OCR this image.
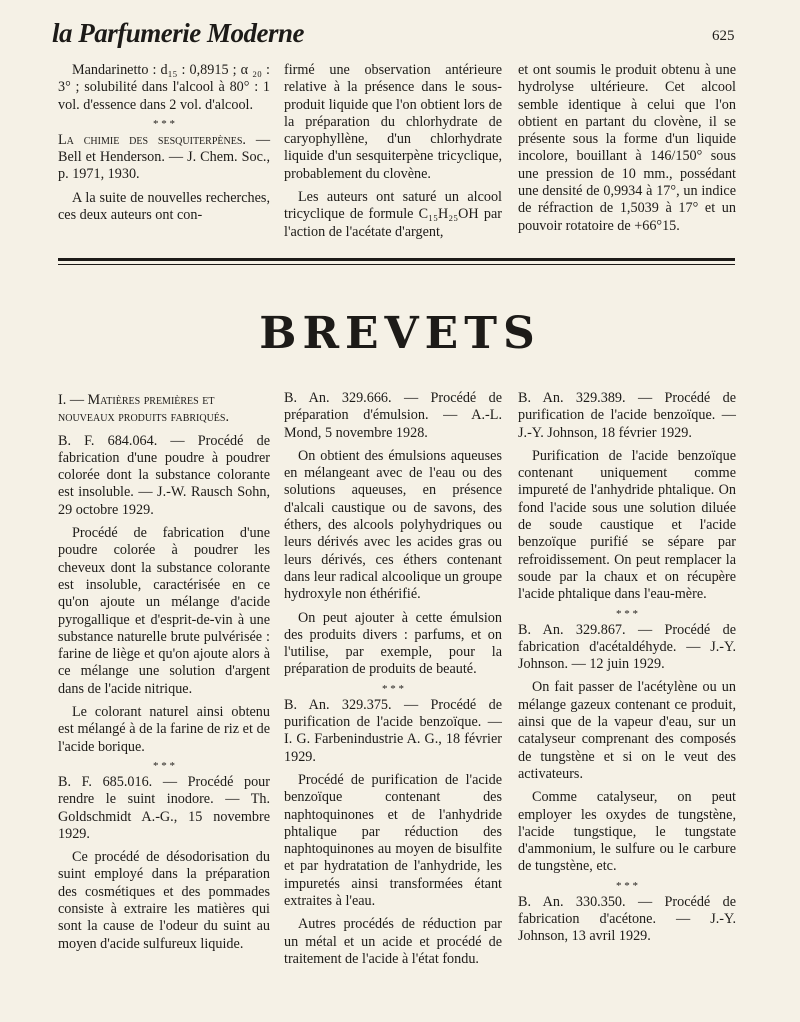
la Parfumerie Moderne	625

Mandarinetto : d₁₅ : 0,8915 ; α ₂₀ : 3° ; solubilité dans l'alcool à 80° : 1 vol. d'essence dans 2 vol. d'alcool.

* * *

La chimie des sesquiterpènes. — Bell et Henderson. — J. Chem. Soc., p. 1971, 1930.

A la suite de nouvelles recherches, ces deux auteurs ont con-

firmé une observation antérieure relative à la présence dans le sous-produit liquide que l'on obtient lors de la préparation du chlorhydrate de caryophyllène, d'un chlorhydrate liquide d'un sesquiterpène tricyclique, probablement du clovène.

Les auteurs ont saturé un alcool tricyclique de formule C₁₅H₂₅OH par l'action de l'acétate d'argent,

et ont soumis le produit obtenu à une hydrolyse ultérieure. Cet alcool semble identique à celui que l'on obtient en partant du clovène, il se présente sous la forme d'un liquide incolore, bouillant à 146/150° sous une pression de 10 mm., possédant une densité de 0,9934 à 17°, un indice de réfraction de 1,5039 à 17° et un pouvoir rotatoire de +66°15.

BREVETS

I. — Matières premières et nouveaux produits fabriqués.

B. F. 684.064. — Procédé de fabrication d'une poudre à poudrer colorée dont la substance colorante est insoluble. — J.-W. Rausch Sohn, 29 octobre 1929.

Procédé de fabrication d'une poudre colorée à poudrer les cheveux dont la substance colorante est insoluble, caractérisée en ce qu'on ajoute un mélange d'acide pyrogallique et d'esprit-de-vin à une substance naturelle brute pulvérisée : farine de liège et qu'on ajoute alors à ce mélange une solution d'argent dans de l'acide nitrique.

Le colorant naturel ainsi obtenu est mélangé à de la farine de riz et de l'acide borique.

* * *

B. F. 685.016. — Procédé pour rendre le suint inodore. — Th. Goldschmidt A.-G., 15 novembre 1929.

Ce procédé de désodorisation du suint employé dans la préparation des cosmétiques et des pommades consiste à extraire les matières qui sont la cause de l'odeur du suint au moyen d'acide sulfureux liquide.

B. An. 329.666. — Procédé de préparation d'émulsion. — A.-L. Mond, 5 novembre 1928.

On obtient des émulsions aqueuses en mélangeant avec de l'eau ou des solutions aqueuses, en présence d'alcali caustique ou de savons, des éthers, des alcools polyhydriques ou leurs dérivés avec les acides gras ou leurs dérivés, ces éthers contenant dans leur radical alcoolique un groupe hydroxyle non éthérifié.

On peut ajouter à cette émulsion des produits divers : parfums, et on l'utilise, par exemple, pour la préparation de produits de beauté.

* * *

B. An. 329.375. — Procédé de purification de l'acide benzoïque. — I. G. Farbenindustrie A. G., 18 février 1929.

Procédé de purification de l'acide benzoïque contenant des naphtoquinones et de l'anhydride phtalique par réduction des naphtoquinones au moyen de bisulfite et par hydratation de l'anhydride, les impuretés ainsi transformées étant extraites à l'eau.

Autres procédés de réduction par un métal et un acide et procédé de traitement de l'acide à l'état fondu.

B. An. 329.389. — Procédé de purification de l'acide benzoïque. — J.-Y. Johnson, 18 février 1929.

Purification de l'acide benzoïque contenant uniquement comme impureté de l'anhydride phtalique. On fond l'acide sous une solution diluée de soude caustique et l'acide benzoïque purifié se sépare par refroidissement. On peut remplacer la soude par la chaux et on récupère l'acide phtalique dans l'eau-mère.

* * *

B. An. 329.867. — Procédé de fabrication d'acétaldéhyde. — J.-Y. Johnson. — 12 juin 1929.

On fait passer de l'acétylène ou un mélange gazeux contenant ce produit, ainsi que de la vapeur d'eau, sur un catalyseur comprenant des composés de tungstène et si on le veut des activateurs.

Comme catalyseur, on peut employer les oxydes de tungstène, l'acide tungstique, le tungstate d'ammonium, le sulfure ou le carbure de tungstène, etc.

* * *

B. An. 330.350. — Procédé de fabrication d'acétone. — J.-Y. Johnson, 13 avril 1929.
